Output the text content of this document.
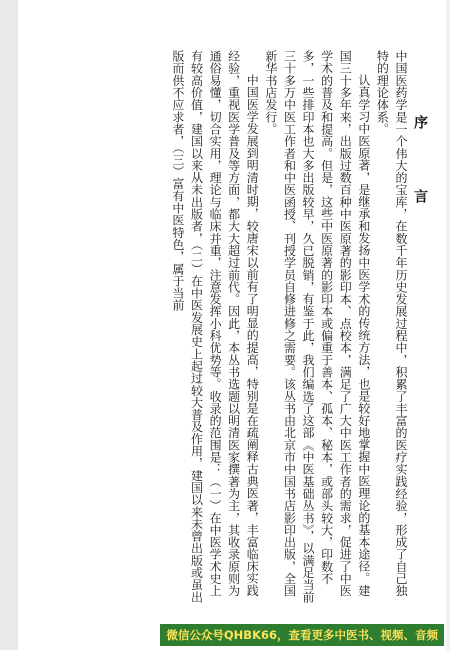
序 言

中国医药学是一个伟大的宝库，在数千年历史发展过程中，积累了丰富的医疗实践经验，形成了自己独特的理论体系。

认真学习中医原著，是继承和发扬中医学术的传统方法，也是较好地掌握中医理论的基本途径。建国三十多年来，出版过数百种中医原著的影印本、点校本，满足了广大中医工作者的需求，促进了中医学术的普及和提高。但是，这些中医原著的影印本或偏重于善本、孤本、秘本，或部头较大，印数不多，一些排印本也大多出版较早，久已脱销，有鉴于此，我们编选了这部《中医基础丛书》，以满足当前三十多万中医工作者和中医函授、刊授学员自修进修之需要。该丛书由北京市中国书店影印出版，全国新华书店发行。

中国医学发展到明清时期，较唐宋以前有了明显的提高，特别是在疏阐释古典医著，丰富临床实践经验，重视医学普及等方面，都大大超过前代。因此，本丛书选题以明清医家撰著为主，其收录原则为通俗易懂，切合实用，理论与临床并重，注意发挥小科优势等。收录的范围是：（一）在中医学术史上有较高价值，建国以来从未出版者，（二）在中医发展史上起过较大普及作用，建国以来未曾出版或虽出版而供不应求者，（三）富有中医特色，属于当前

微信公众号QHBK66，查看更多中医书、视频、音频
